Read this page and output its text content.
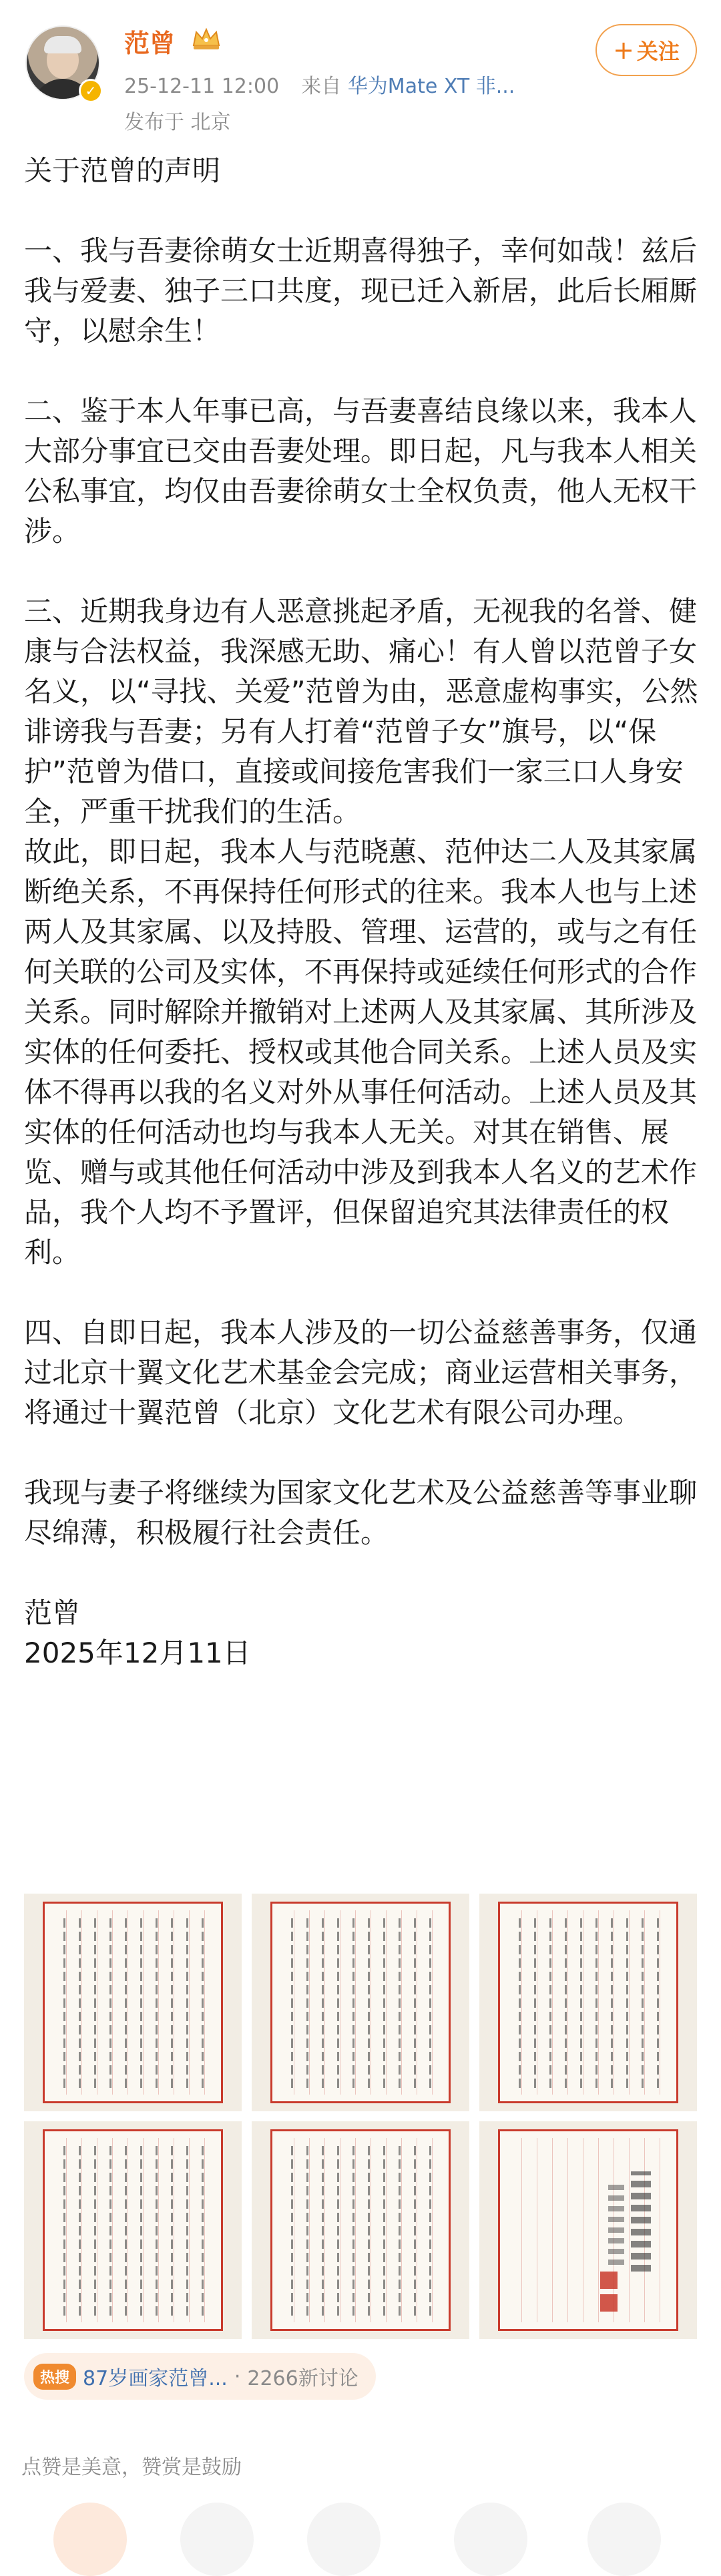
✓
范曾
25-12-11 12:00 来自 华为Mate XT 非...
发布于 北京
+ 关注

关于范曾的声明

一、我与吾妻徐萌女士近期喜得独子，幸何如哉！兹后我与爱妻、独子三口共度，现已迁入新居，此后长厢厮守，以慰余生！

二、鉴于本人年事已高，与吾妻喜结良缘以来，我本人大部分事宜已交由吾妻处理。即日起，凡与我本人相关公私事宜，均仅由吾妻徐萌女士全权负责，他人无权干涉。

三、近期我身边有人恶意挑起矛盾，无视我的名誉、健康与合法权益，我深感无助、痛心！有人曾以范曾子女名义，以“寻找、关爱”范曾为由，恶意虚构事实，公然诽谤我与吾妻；另有人打着“范曾子女”旗号，以“保护”范曾为借口，直接或间接危害我们一家三口人身安全，严重干扰我们的生活。

故此，即日起，我本人与范晓蕙、范仲达二人及其家属断绝关系，不再保持任何形式的往来。我本人也与上述两人及其家属、以及持股、管理、运营的，或与之有任何关联的公司及实体，不再保持或延续任何形式的合作关系。同时解除并撤销对上述两人及其家属、其所涉及实体的任何委托、授权或其他合同关系。上述人员及实体不得再以我的名义对外从事任何活动。上述人员及其实体的任何活动也均与我本人无关。对其在销售、展览、赠与或其他任何活动中涉及到我本人名义的艺术作品，我个人均不予置评，但保留追究其法律责任的权利。

四、自即日起，我本人涉及的一切公益慈善事务，仅通过北京十翼文化艺术基金会完成；商业运营相关事务，将通过十翼范曾（北京）文化艺术有限公司办理。

我现与妻子将继续为国家文化艺术及公益慈善等事业聊尽绵薄，积极履行社会责任。

范曾

2025年12月11日

热搜 87岁画家范曾... · 2266新讨论
点赞是美意，赞赏是鼓励
